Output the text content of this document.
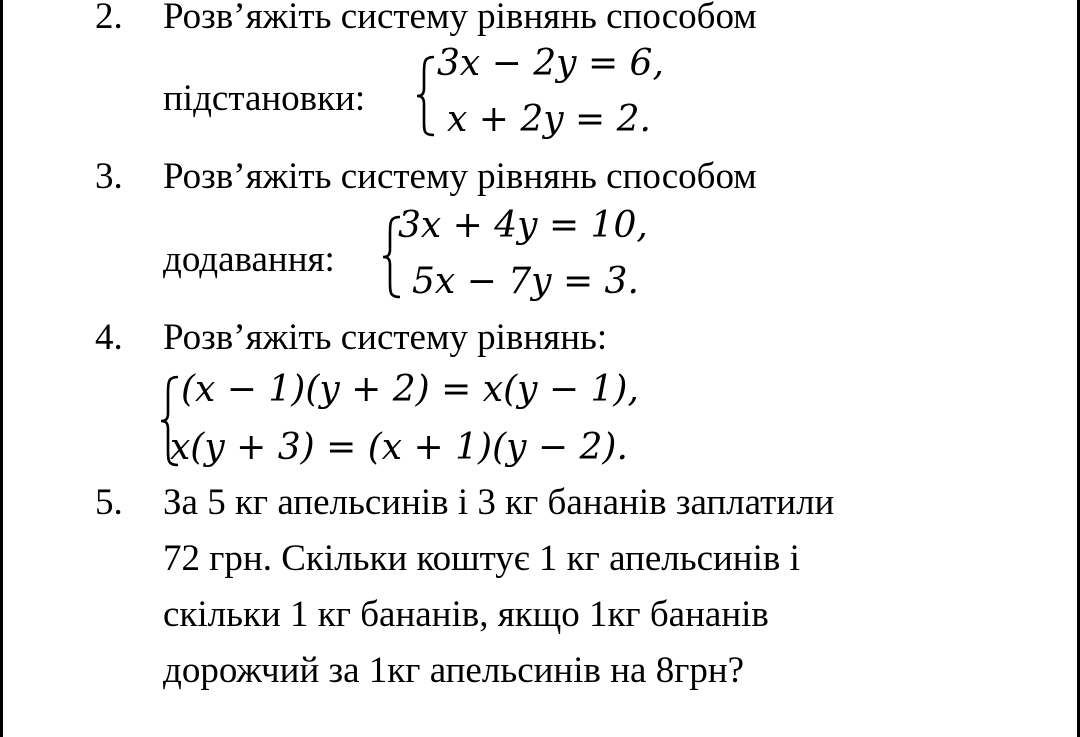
2. Розв’яжіть систему рівнянь способом
підстановки:
3x − 2y = 6,
x + 2y = 2.
3. Розв’яжіть систему рівнянь способом
додавання:
3x + 4y = 10,
5x − 7y = 3.
4. Розв’яжіть систему рівнянь:
(x − 1)(y + 2) = x(y − 1),
x(y + 3) = (x + 1)(y − 2).
5. За 5 кг апельсинів і 3 кг бананів заплатили
72 грн. Скільки коштує 1 кг апельсинів і
скільки 1 кг бананів, якщо 1кг бананів
дорожчий за 1кг апельсинів на 8грн?
